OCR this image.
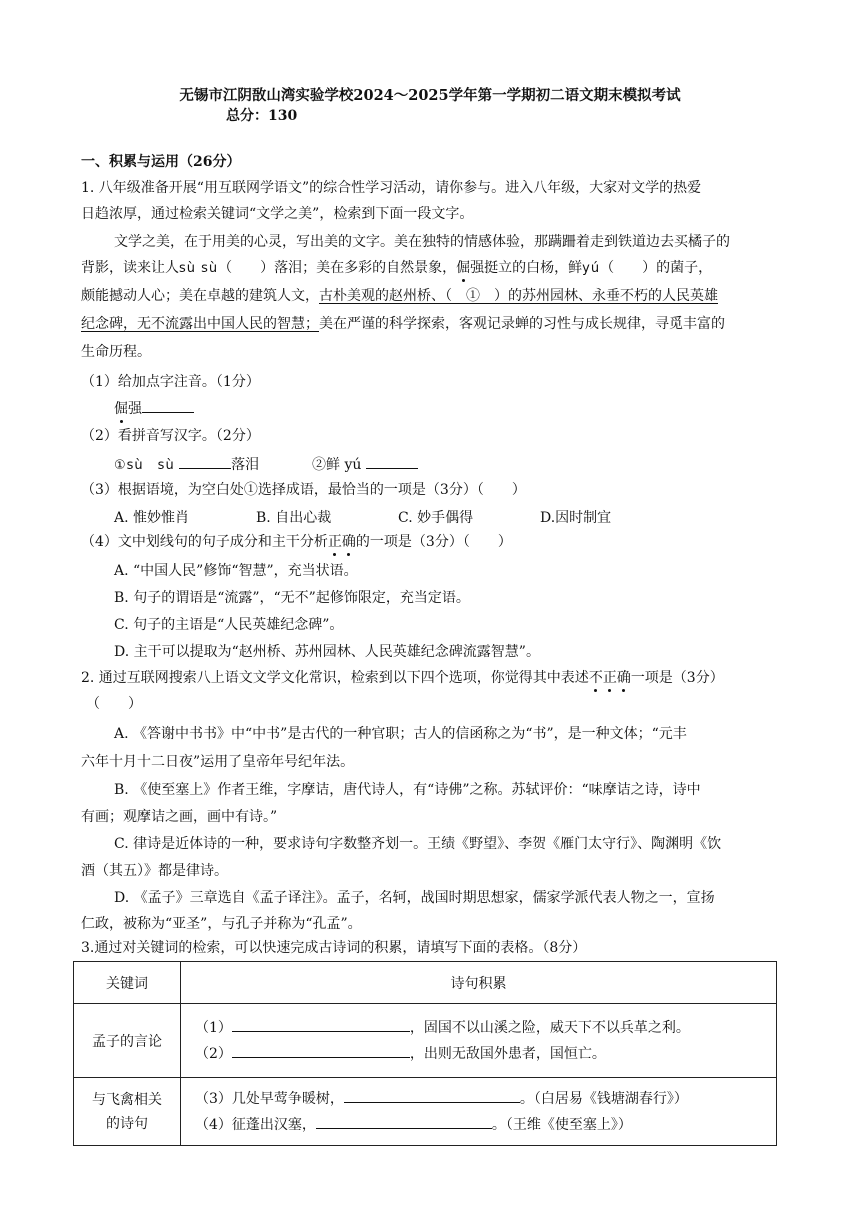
无锡市江阴敔山湾实验学校2024～2025学年第一学期初二语文期末模拟考试
总分：130
一、积累与运用（26分）
1. 八年级准备开展“用互联网学语文”的综合性学习活动，请你参与。进入八年级，大家对文学的热爱
日趋浓厚，通过检索关键词“文学之美”，检索到下面一段文字。
文学之美，在于用美的心灵，写出美的文字。美在独特的情感体验，那蹒跚着走到铁道边去买橘子的
背影，读来让人sù sù（　　）落泪；美在多彩的自然景象，倔强挺立的白杨，鲜yú（　　）的菌子，
颇能撼动人心；美在卓越的建筑人文，古朴美观的赵州桥、（　①　）的苏州园林、永垂不朽的人民英雄
纪念碑，无不流露出中国人民的智慧；美在严谨的科学探索，客观记录蝉的习性与成长规律，寻觅丰富的
生命历程。
（1）给加点字注音。（1分）
倔强
（2）看拼音写汉字。（2分）
①sù　sù	落泪	②鲜 yú
（3）根据语境，为空白处①选择成语，最恰当的一项是（3分）（　　）
A. 惟妙惟肖	B. 自出心裁	C. 妙手偶得	D.因时制宜
（4）文中划线句的句子成分和主干分析正确的一项是（3分）（　　）
A. “中国人民”修饰“智慧”，充当状语。
B. 句子的谓语是“流露”，“无不”起修饰限定，充当定语。
C. 句子的主语是“人民英雄纪念碑”。
D. 主干可以提取为“赵州桥、苏州园林、人民英雄纪念碑流露智慧”。
2. 通过互联网搜索八上语文文学文化常识，检索到以下四个选项，你觉得其中表述不正确一项是（3分）
（　　）
A. 《答谢中书书》中“中书”是古代的一种官职；古人的信函称之为“书”，是一种文体；“元丰
六年十月十二日夜”运用了皇帝年号纪年法。
B. 《使至塞上》作者王维，字摩诘，唐代诗人，有“诗佛”之称。苏轼评价：“味摩诘之诗，诗中
有画；观摩诘之画，画中有诗。”
C. 律诗是近体诗的一种，要求诗句字数整齐划一。王绩《野望》、李贺《雁门太守行》、陶渊明《饮
酒（其五）》都是律诗。
D. 《孟子》三章选自《孟子译注》。孟子，名轲，战国时期思想家，儒家学派代表人物之一，宣扬
仁政，被称为“亚圣”，与孔子并称为“孔孟”。
3.通过对关键词的检索，可以快速完成古诗词的积累，请填写下面的表格。（8分）
关键词	诗句积累
孟子的言论	（1） ，固国不以山溪之险，威天下不以兵革之利。
（2） ，出则无敌国外患者，国恒亡。

与飞禽相关
的诗句	（3）几处早莺争暖树， 。（白居易《钱塘湖春行》）
（4）征蓬出汉塞， 。（王维《使至塞上》）
